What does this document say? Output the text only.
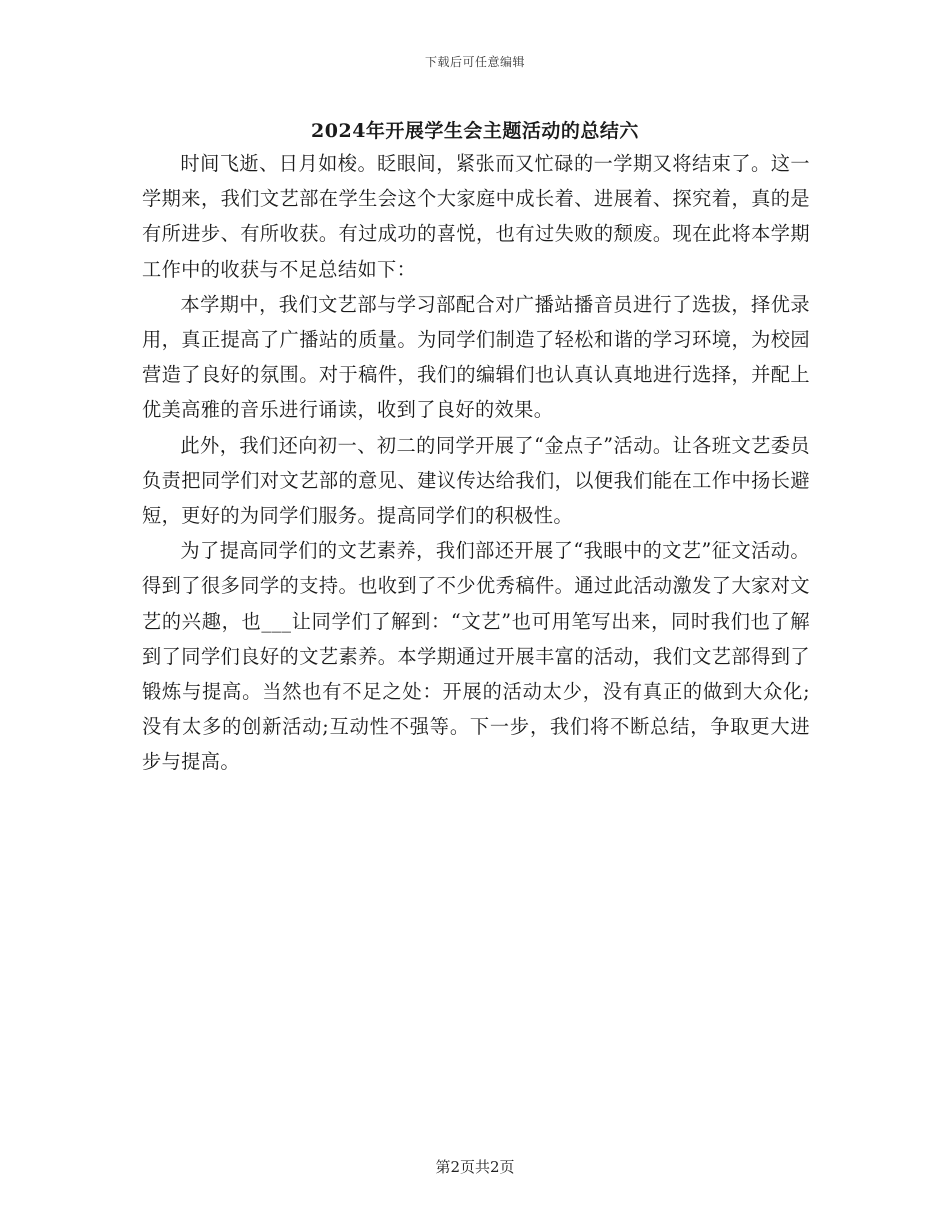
下载后可任意编辑
2024年开展学生会主题活动的总结六

时间飞逝、日月如梭。眨眼间，紧张而又忙碌的一学期又将结束了。这一学期来，我们文艺部在学生会这个大家庭中成长着、进展着、探究着，真的是有所进步、有所收获。有过成功的喜悦，也有过失败的颓废。现在此将本学期工作中的收获与不足总结如下：

本学期中，我们文艺部与学习部配合对广播站播音员进行了选拔，择优录用，真正提高了广播站的质量。为同学们制造了轻松和谐的学习环境，为校园营造了良好的氛围。对于稿件，我们的编辑们也认真认真地进行选择，并配上优美高雅的音乐进行诵读，收到了良好的效果。

此外，我们还向初一、初二的同学开展了“金点子”活动。让各班文艺委员负责把同学们对文艺部的意见、建议传达给我们，以便我们能在工作中扬长避短，更好的为同学们服务。提高同学们的积极性。

为了提高同学们的文艺素养，我们部还开展了“我眼中的文艺”征文活动。得到了很多同学的支持。也收到了不少优秀稿件。通过此活动激发了大家对文艺的兴趣，也___让同学们了解到：“文艺”也可用笔写出来，同时我们也了解到了同学们良好的文艺素养。本学期通过开展丰富的活动，我们文艺部得到了锻炼与提高。当然也有不足之处：开展的活动太少，没有真正的做到大众化;没有太多的创新活动;互动性不强等。下一步，我们将不断总结，争取更大进步与提高。

第2页共2页
